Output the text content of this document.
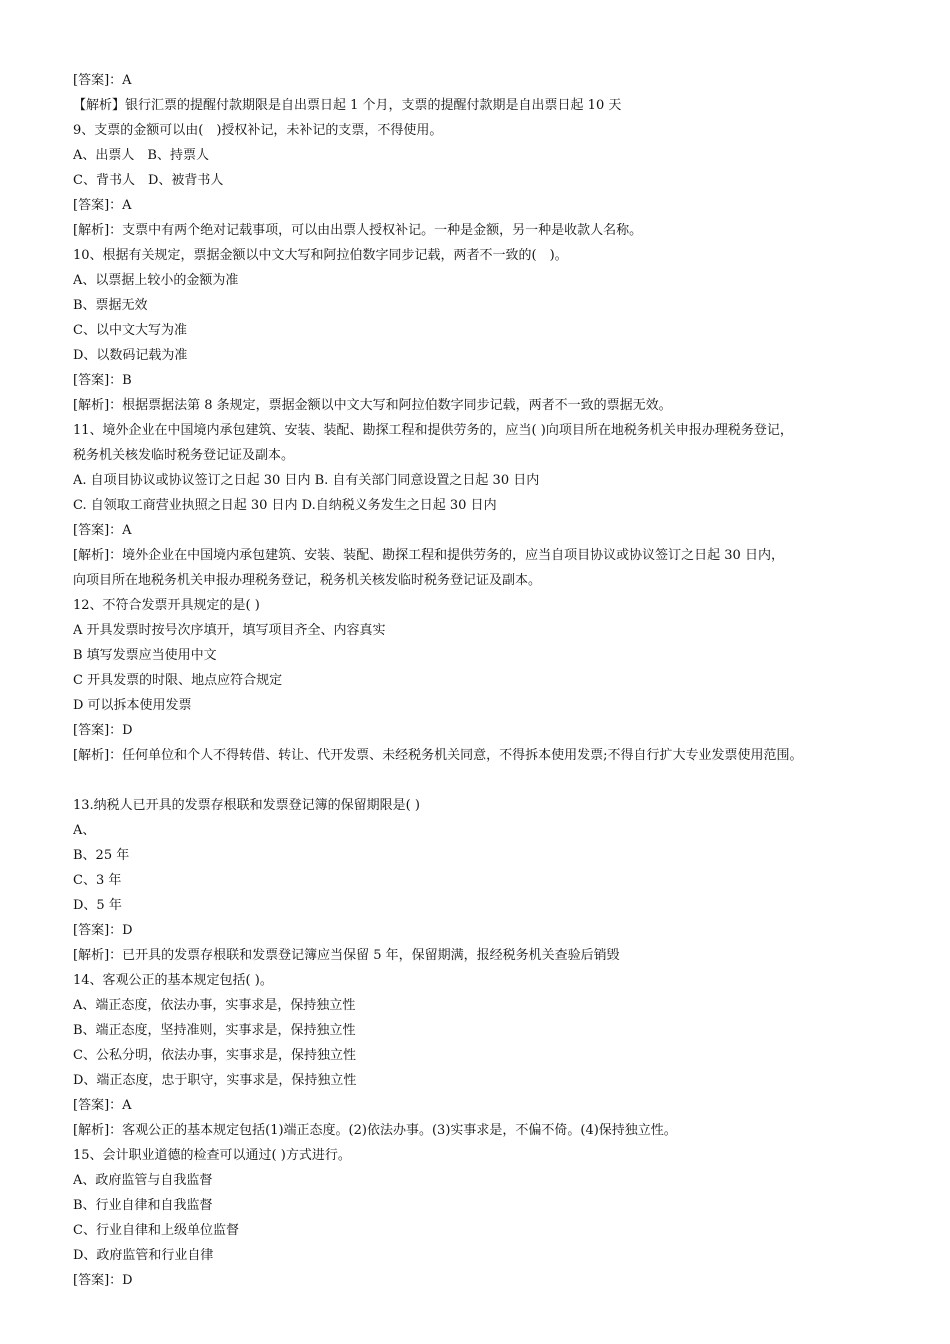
[答案]：A
【解析】银行汇票的提醒付款期限是自出票日起 1 个月，支票的提醒付款期是自出票日起 10 天
9、支票的金额可以由(　)授权补记，未补记的支票，不得使用。
A、出票人　B、持票人
C、背书人　D、被背书人
[答案]：A
[解析]：支票中有两个绝对记载事项，可以由出票人授权补记。一种是金额，另一种是收款人名称。
10、根据有关规定，票据金额以中文大写和阿拉伯数字同步记载，两者不一致的(　)。
A、以票据上较小的金额为准
B、票据无效
C、以中文大写为准
D、以数码记载为准
[答案]：B
[解析]：根据票据法第 8 条规定，票据金额以中文大写和阿拉伯数字同步记载，两者不一致的票据无效。
11、境外企业在中国境内承包建筑、安装、装配、勘探工程和提供劳务的，应当( )向项目所在地税务机关申报办理税务登记，
税务机关核发临时税务登记证及副本。
A. 自项目协议或协议签订之日起 30 日内 B. 自有关部门同意设置之日起 30 日内
C. 自领取工商营业执照之日起 30 日内 D.自纳税义务发生之日起 30 日内
[答案]：A
[解析]：境外企业在中国境内承包建筑、安装、装配、勘探工程和提供劳务的，应当自项目协议或协议签订之日起 30 日内，
向项目所在地税务机关申报办理税务登记，税务机关核发临时税务登记证及副本。
12、不符合发票开具规定的是( )
A 开具发票时按号次序填开，填写项目齐全、内容真实
B 填写发票应当使用中文
C 开具发票的时限、地点应符合规定
D 可以拆本使用发票
[答案]：D
[解析]：任何单位和个人不得转借、转让、代开发票、未经税务机关同意，不得拆本使用发票;不得自行扩大专业发票使用范围。
13.纳税人已开具的发票存根联和发票登记簿的保留期限是( )
A、
B、25 年
C、3 年
D、5 年
[答案]：D
[解析]：已开具的发票存根联和发票登记簿应当保留 5 年，保留期满，报经税务机关查验后销毁
14、客观公正的基本规定包括( )。
A、端正态度，依法办事，实事求是，保持独立性
B、端正态度，坚持准则，实事求是，保持独立性
C、公私分明，依法办事，实事求是，保持独立性
D、端正态度，忠于职守，实事求是，保持独立性
[答案]：A
[解析]：客观公正的基本规定包括(1)端正态度。(2)依法办事。(3)实事求是，不偏不倚。(4)保持独立性。
15、会计职业道德的检查可以通过( )方式进行。
A、政府监管与自我监督
B、行业自律和自我监督
C、行业自律和上级单位监督
D、政府监管和行业自律
[答案]：D
